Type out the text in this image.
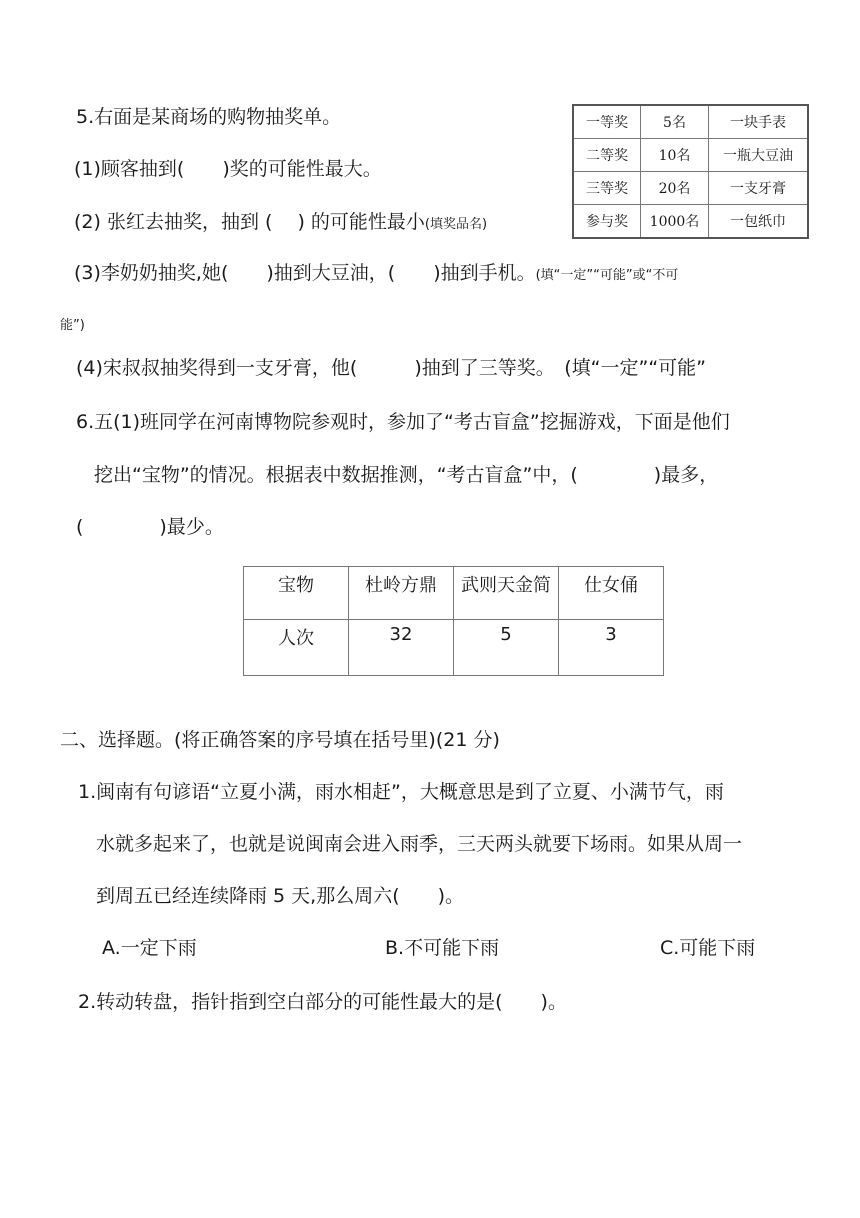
5.右面是某商场的购物抽奖单。
(1)顾客抽到(　　)奖的可能性最大。
(2) 张红去抽奖，抽到 (　 ) 的可能性最小(填奖品名)
(3)李奶奶抽奖,她(　　)抽到大豆油，(　　)抽到手机。(填“一定”“可能”或“不可
能”)
(4)宋叔叔抽奖得到一支牙膏，他(　　　)抽到了三等奖。　(填“一定”“可能”
一等奖	5名	一块手表
二等奖	10名	一瓶大豆油
三等奖	20名	一支牙膏
参与奖	1000名	一包纸巾
6.五(1)班同学在河南博物院参观时，参加了“考古盲盒”挖掘游戏，下面是他们
挖出“宝物”的情况。根据表中数据推测，“考古盲盒”中，(　　　　)最多，
(　　　　)最少。
宝物	杜岭方鼎	武则天金简	仕女俑
人次	32	5	3
二、选择题。(将正确答案的序号填在括号里)(21 分)
1.闽南有句谚语“立夏小满，雨水相赶”，大概意思是到了立夏、小满节气，雨
水就多起来了，也就是说闽南会进入雨季，三天两头就要下场雨。如果从周一
到周五已经连续降雨 5 天,那么周六(　　)。
A.一定下雨	B.不可能下雨	C.可能下雨
2.转动转盘，指针指到空白部分的可能性最大的是(　　)。
